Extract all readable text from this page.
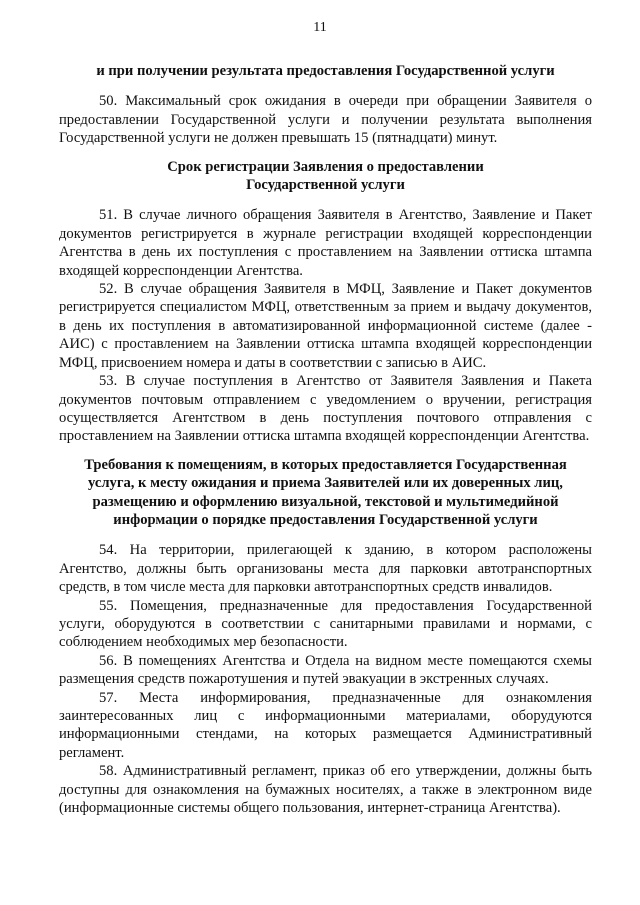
11

и при получении результата предоставления Государственной услуги

50. Максимальный срок ожидания в очереди при обращении Заявителя о предоставлении Государственной услуги и получении результата выполнения Государственной услуги не должен превышать 15 (пятнадцати) минут.

Срок регистрации Заявления о предоставлении
Государственной услуги

51. В случае личного обращения Заявителя в Агентство, Заявление и Пакет документов регистрируется в журнале регистрации входящей корреспонденции Агентства в день их поступления с проставлением на Заявлении оттиска штампа входящей корреспонденции Агентства.

52. В случае обращения Заявителя в МФЦ, Заявление и Пакет документов регистрируется специалистом МФЦ, ответственным за прием и выдачу документов, в день их поступления в автоматизированной информационной системе (далее - АИС) с проставлением на Заявлении оттиска штампа входящей корреспонденции МФЦ, присвоением номера и даты в соответствии с записью в АИС.

53. В случае поступления в Агентство от Заявителя Заявления и Пакета документов почтовым отправлением с уведомлением о вручении, регистрация осуществляется Агентством в день поступления почтового отправления с проставлением на Заявлении оттиска штампа входящей корреспонденции Агентства.

Требования к помещениям, в которых предоставляется Государственная
услуга, к месту ожидания и приема Заявителей или их доверенных лиц,
размещению и оформлению визуальной, текстовой и мультимедийной
информации о порядке предоставления Государственной услуги

54. На территории, прилегающей к зданию, в котором расположены Агентство, должны быть организованы места для парковки автотранспортных средств, в том числе места для парковки автотранспортных средств инвалидов.

55. Помещения, предназначенные для предоставления Государственной услуги, оборудуются в соответствии с санитарными правилами и нормами, с соблюдением необходимых мер безопасности.

56. В помещениях Агентства и Отдела на видном месте помещаются схемы размещения средств пожаротушения и путей эвакуации в экстренных случаях.

57. Места информирования, предназначенные для ознакомления заинтересованных лиц с информационными материалами, оборудуются информационными стендами, на которых размещается Административный регламент.

58. Административный регламент, приказ об его утверждении, должны быть доступны для ознакомления на бумажных носителях, а также в электронном виде (информационные системы общего пользования, интернет-страница Агентства).
